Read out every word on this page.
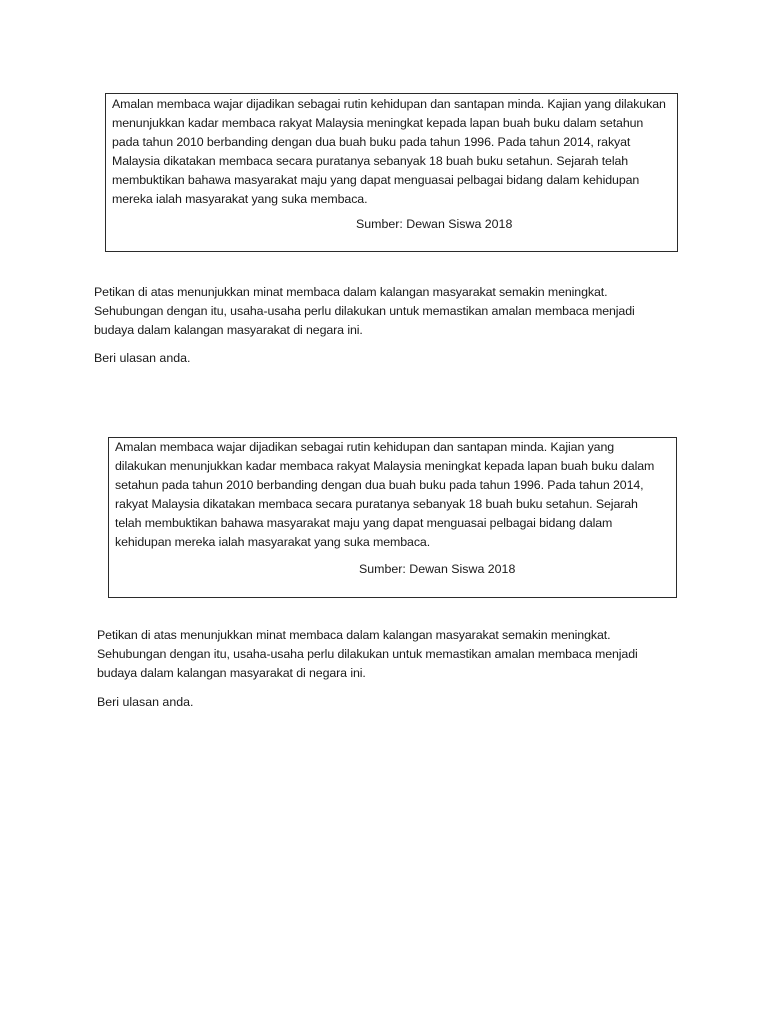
Amalan membaca wajar dijadikan sebagai rutin kehidupan dan santapan minda. Kajian yang dilakukan menunjukkan kadar membaca rakyat Malaysia meningkat kepada lapan buah buku dalam setahun pada tahun 2010 berbanding dengan dua buah buku pada tahun 1996. Pada tahun 2014, rakyat Malaysia dikatakan membaca secara puratanya sebanyak 18 buah buku setahun. Sejarah telah membuktikan bahawa masyarakat maju yang dapat menguasai pelbagai bidang dalam kehidupan mereka ialah masyarakat yang suka membaca.

Sumber: Dewan Siswa 2018

Petikan di atas menunjukkan minat membaca dalam kalangan masyarakat semakin meningkat. Sehubungan dengan itu, usaha-usaha perlu dilakukan untuk memastikan amalan membaca menjadi budaya dalam kalangan masyarakat di negara ini.

Beri ulasan anda.

Amalan membaca wajar dijadikan sebagai rutin kehidupan dan santapan minda. Kajian yang dilakukan menunjukkan kadar membaca rakyat Malaysia meningkat kepada lapan buah buku dalam setahun pada tahun 2010 berbanding dengan dua buah buku pada tahun 1996. Pada tahun 2014, rakyat Malaysia dikatakan membaca secara puratanya sebanyak 18 buah buku setahun. Sejarah telah membuktikan bahawa masyarakat maju yang dapat menguasai pelbagai bidang dalam kehidupan mereka ialah masyarakat yang suka membaca.

Sumber: Dewan Siswa 2018

Petikan di atas menunjukkan minat membaca dalam kalangan masyarakat semakin meningkat. Sehubungan dengan itu, usaha-usaha perlu dilakukan untuk memastikan amalan membaca menjadi budaya dalam kalangan masyarakat di negara ini.

Beri ulasan anda.
